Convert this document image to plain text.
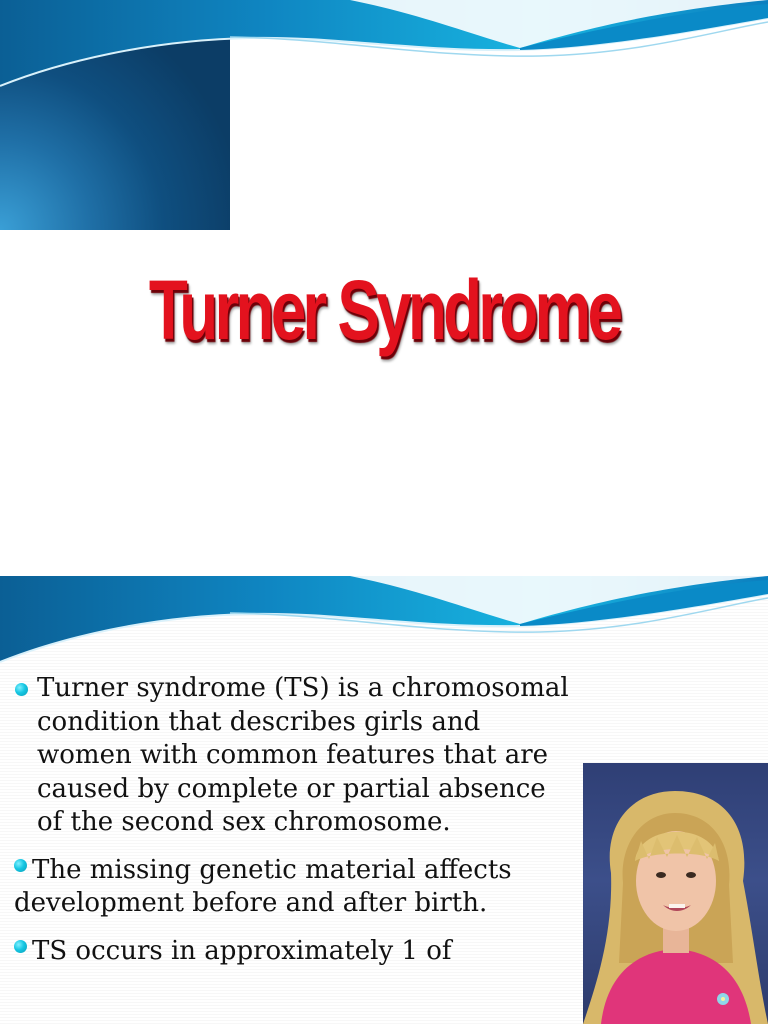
Turner Syndrome
Turner syndrome (TS) is a chromosomal condition that describes girls and women with common features that are caused by complete or partial absence of the second sex chromosome.
The missing genetic material affects development before and after birth.
TS occurs in approximately 1 of
